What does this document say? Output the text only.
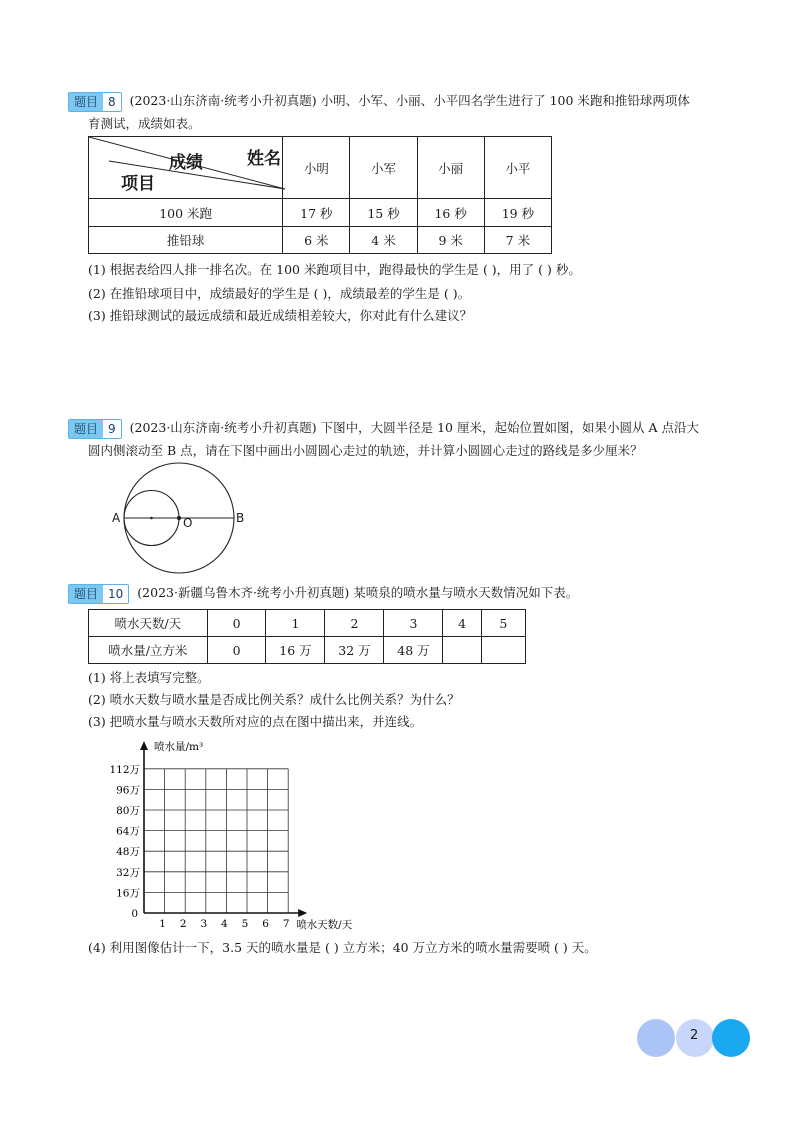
题目 8	(2023·山东济南·统考小升初真题) 小明、小军、小丽、小平四名学生进行了 100 米跑和推铅球两项体
育测试，成绩如表。
姓名
成绩
项目	小明	小军	小丽	小平
100 米跑	17 秒	15 秒	16 秒	19 秒
推铅球	6 米	4 米	9 米	7 米
(1) 根据表给四人排一排名次。在 100 米跑项目中，跑得最快的学生是 ( )，用了 ( ) 秒。
(2) 在推铅球项目中，成绩最好的学生是 ( )，成绩最差的学生是 ( )。
(3) 推铅球测试的最远成绩和最近成绩相差较大，你对此有什么建议？
题目 9	(2023·山东济南·统考小升初真题) 下图中，大圆半径是 10 厘米，起始位置如图，如果小圆从 A 点沿大
圆内侧滚动至 B 点，请在下图中画出小圆圆心走过的轨迹，并计算小圆圆心走过的路线是多少厘米？
A	O	B
题目 10	(2023·新疆乌鲁木齐·统考小升初真题) 某喷泉的喷水量与喷水天数情况如下表。
喷水天数/天	0	1	2	3	4	5
喷水量/立方米	0	16 万	32 万	48 万		
(1) 将上表填写完整。
(2) 喷水天数与喷水量是否成比例关系？成什么比例关系？为什么？
(3) 把喷水量与喷水天数所对应的点在图中描出来，并连线。
112万
96万
80万
64万
48万
32万
16万
0
1 2 3 4 5 6 7
喷水量/m³
喷水天数/天
(4) 利用图像估计一下，3.5 天的喷水量是 ( ) 立方米；40 万立方米的喷水量需要喷 ( ) 天。
2
